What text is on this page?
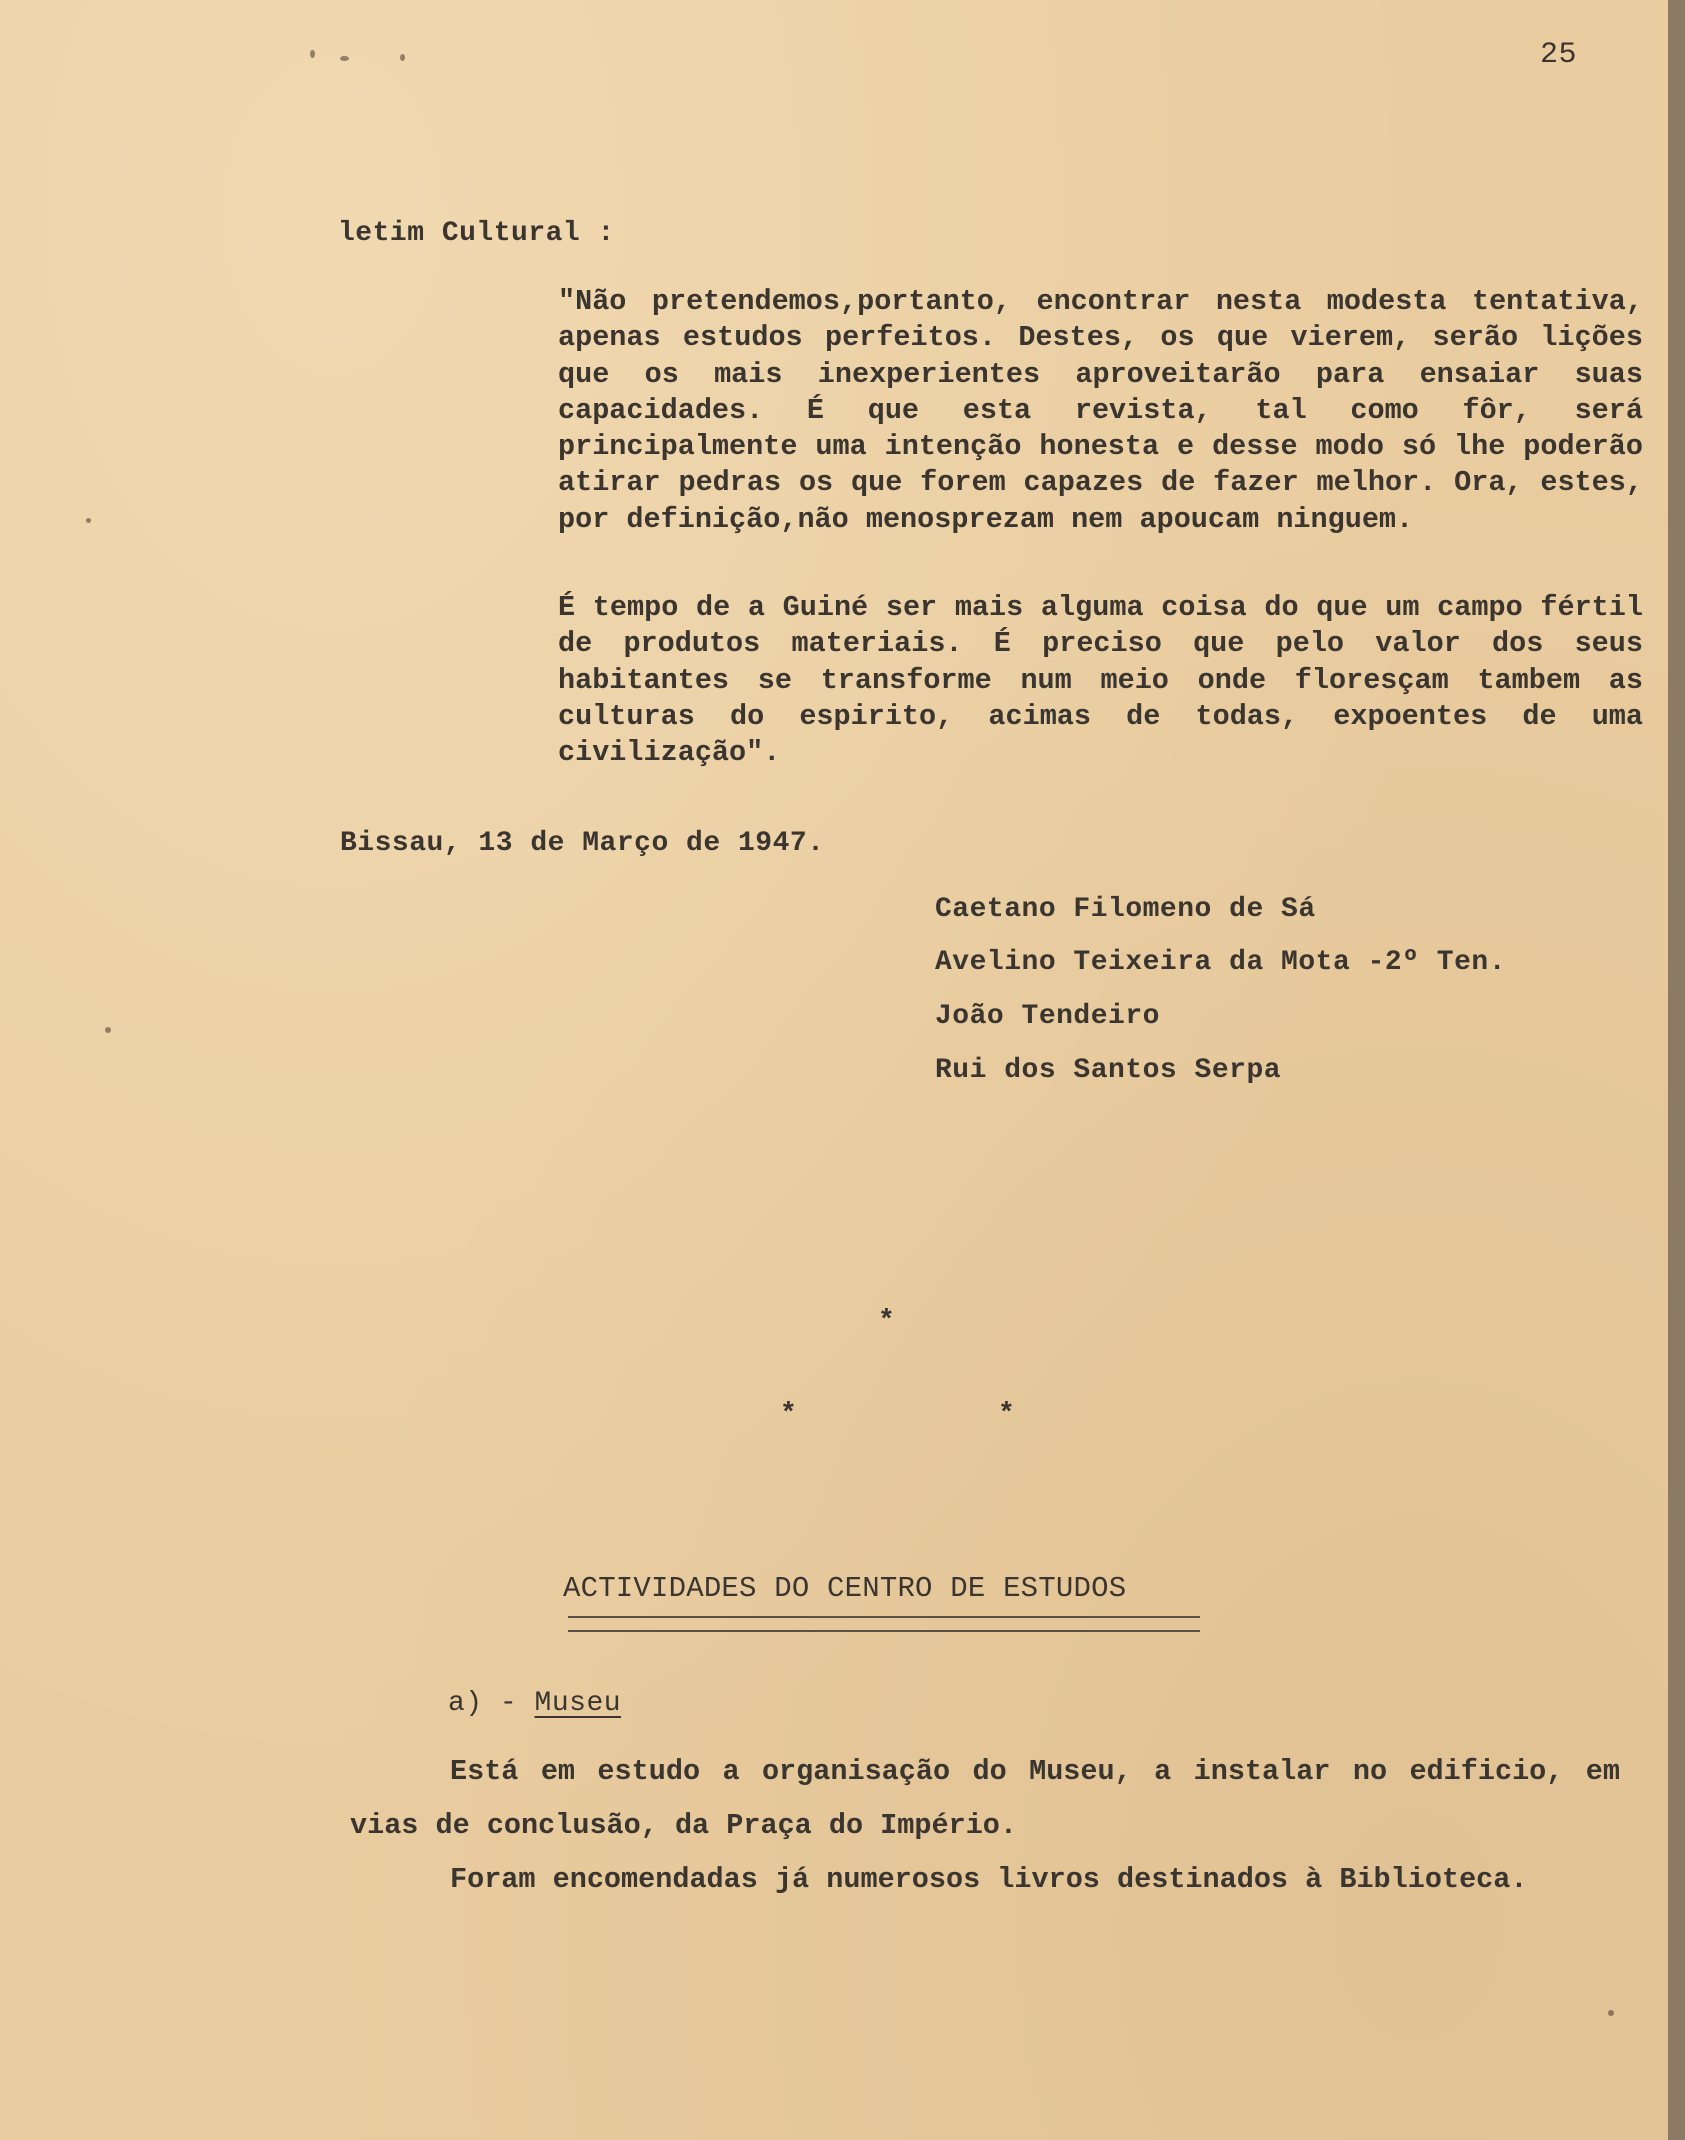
25
letim Cultural :

"Não pretendemos,portanto, encontrar nesta modesta tentativa, apenas estudos perfeitos. Destes, os que vierem, serão lições que os mais inexperientes aproveitarão para ensaiar suas capacidades. É que esta revista, tal como fôr, será principalmente uma intenção honesta e desse modo só lhe poderão atirar pedras os que forem capazes de fazer melhor. Ora, estes, por definição,não menosprezam nem apoucam ninguem.

É tempo de a Guiné ser mais alguma coisa do que um campo fértil de produtos materiais. É preciso que pelo valor dos seus habitantes se transforme num meio onde floresçam tambem as culturas do espirito, acimas de todas, expoentes de uma civilização".

Bissau, 13 de Março de 1947.
Caetano Filomeno de Sá
Avelino Teixeira da Mota -2º Ten.
João Tendeiro
Rui dos Santos Serpa
*
*	*
ACTIVIDADES DO CENTRO DE ESTUDOS
a) - Museu

Está em estudo a organisação do Museu, a instalar no edificio, em vias de conclusão, da Praça do Império.

Foram encomendadas já numerosos livros destinados à Biblioteca.
